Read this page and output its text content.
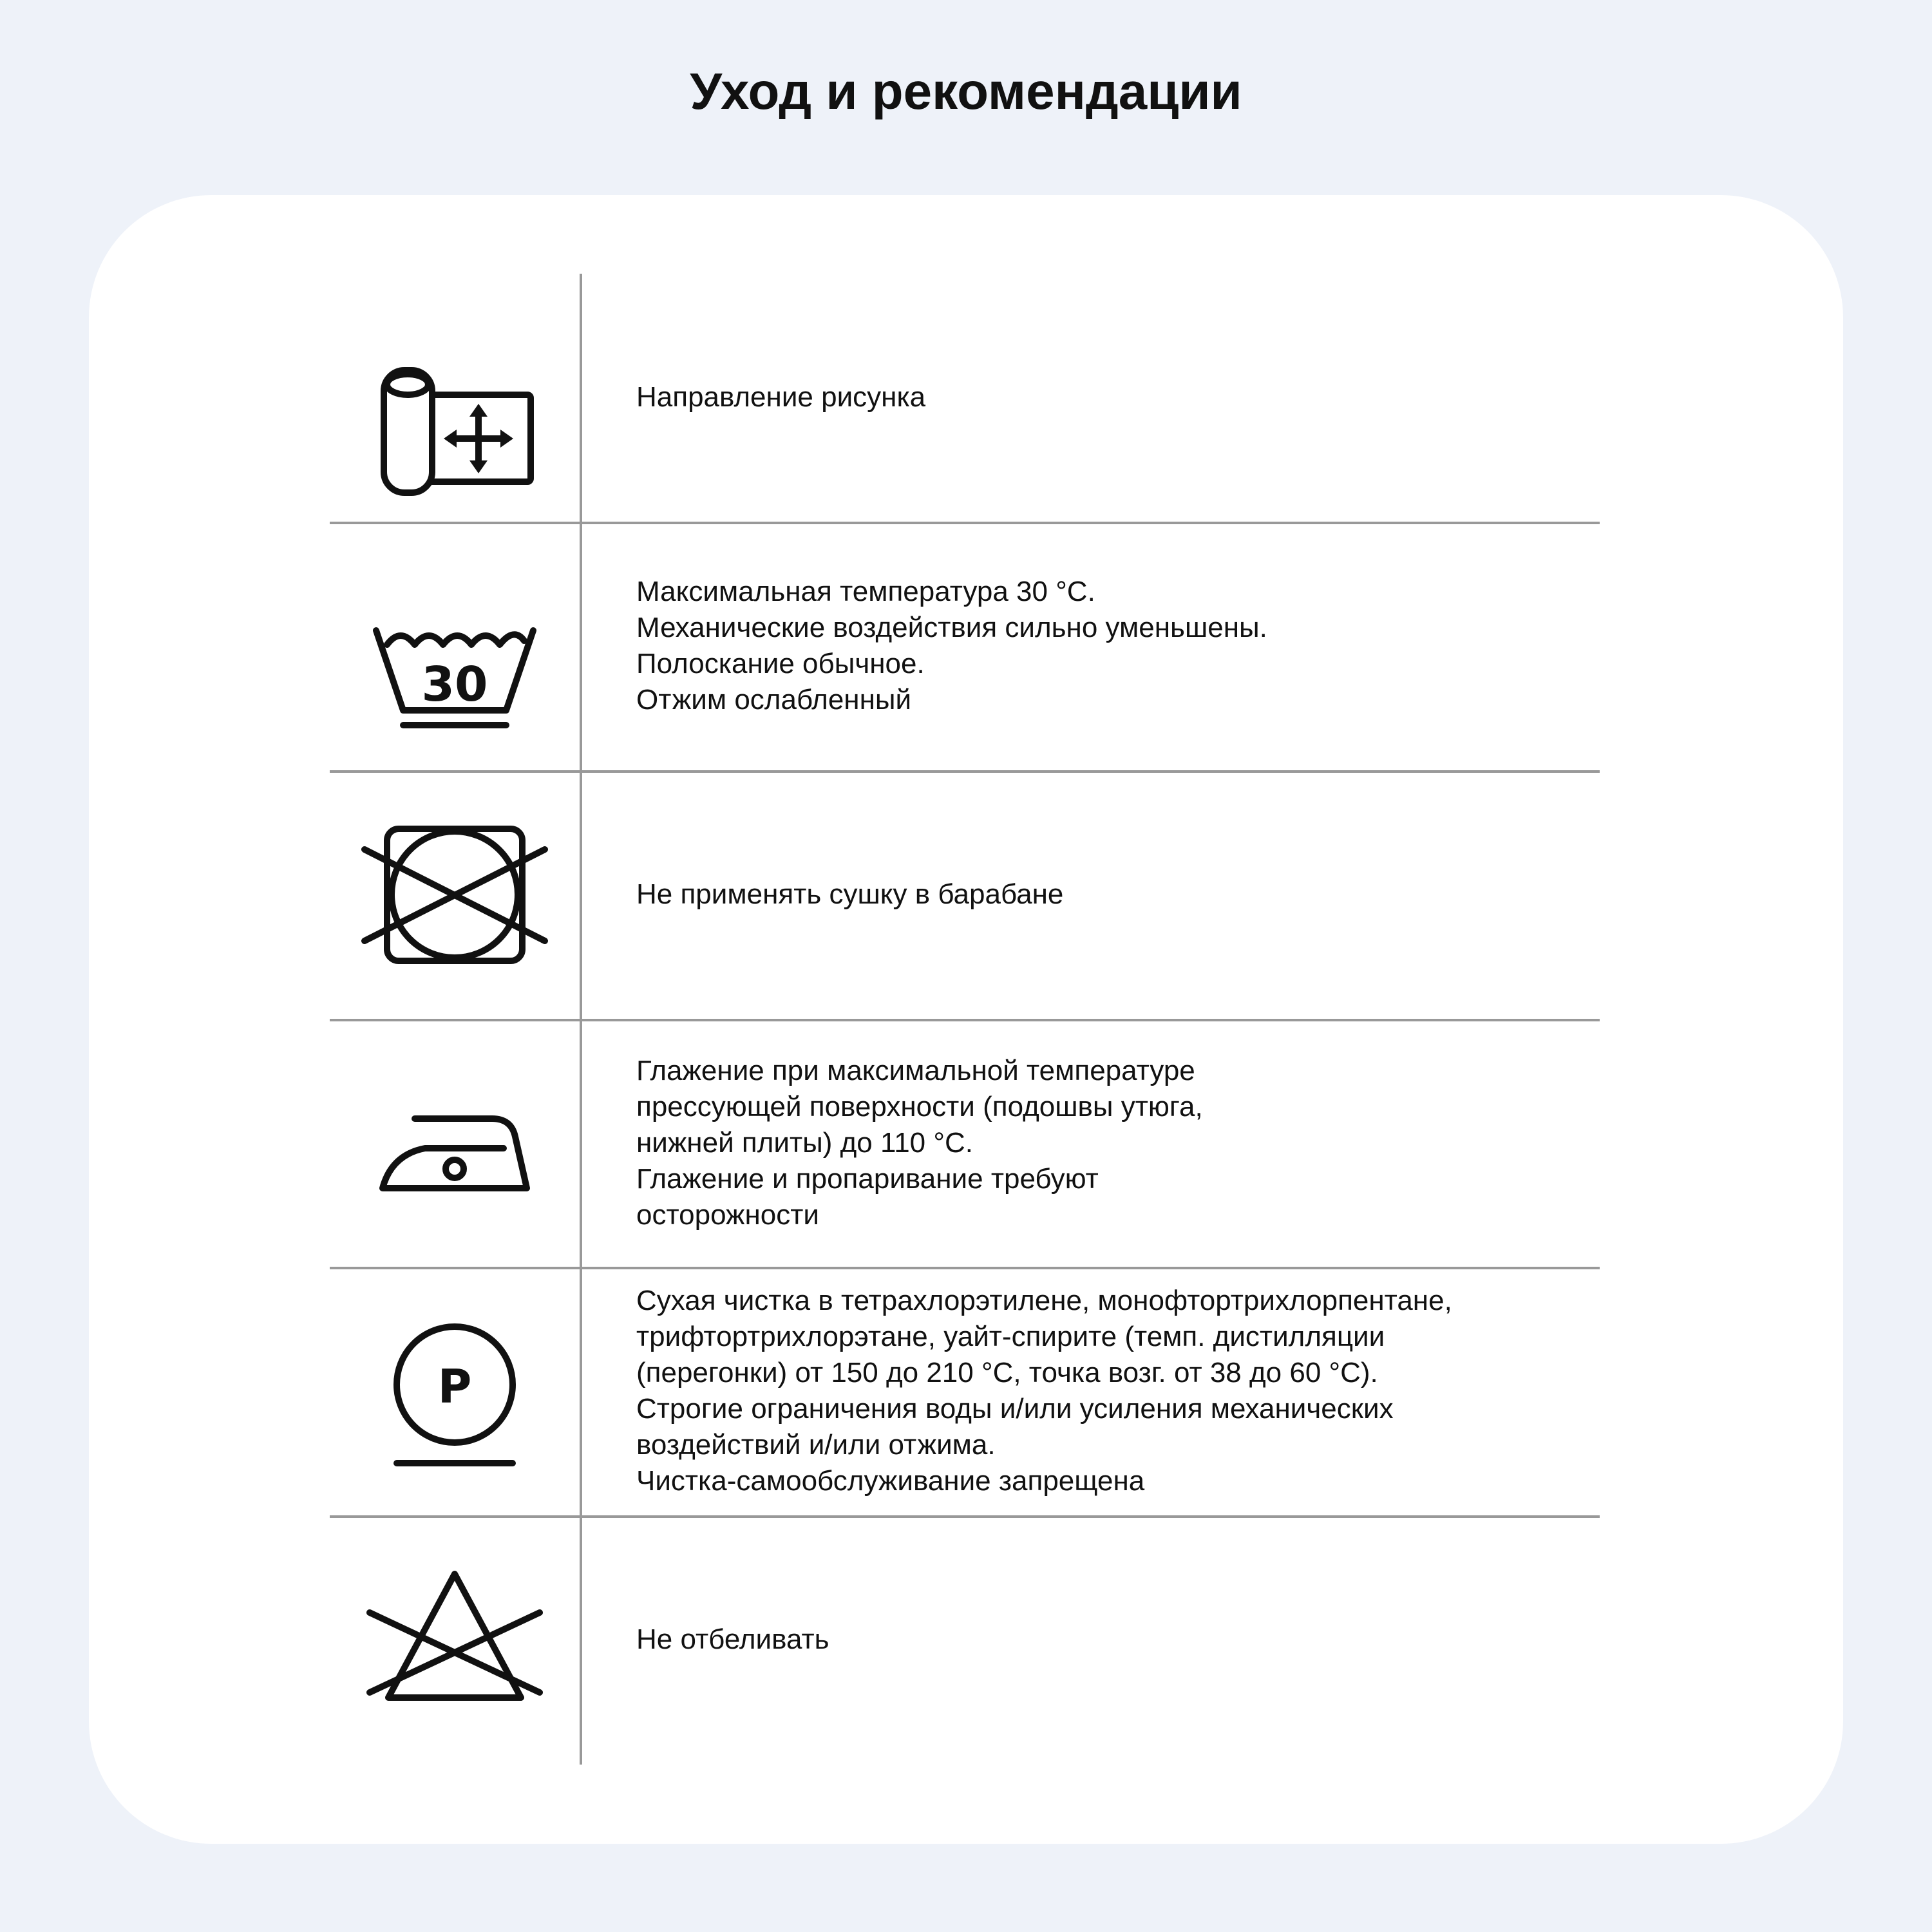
Уход и рекомендации
Направление рисунка
30
Максимальная температура 30 °С.
Механические воздействия сильно уменьшены.
Полоскание обычное.
Отжим ослабленный
Не применять сушку в барабане
Глажение при максимальной температуре
прессующей поверхности (подошвы утюга,
нижней плиты) до 110 °С.
Глажение и пропаривание требуют
осторожности
P
Сухая чистка в тетрахлорэтилене, монофтортрихлорпентане,
трифтортрихлорэтане, уайт-спирите (темп. дистилляции
(перегонки) от 150 до 210 °С, точка возг. от 38 до 60 °С).
Строгие ограничения воды и/или усиления механических
воздействий и/или отжима.
Чистка-самообслуживание запрещена
Не отбеливать
